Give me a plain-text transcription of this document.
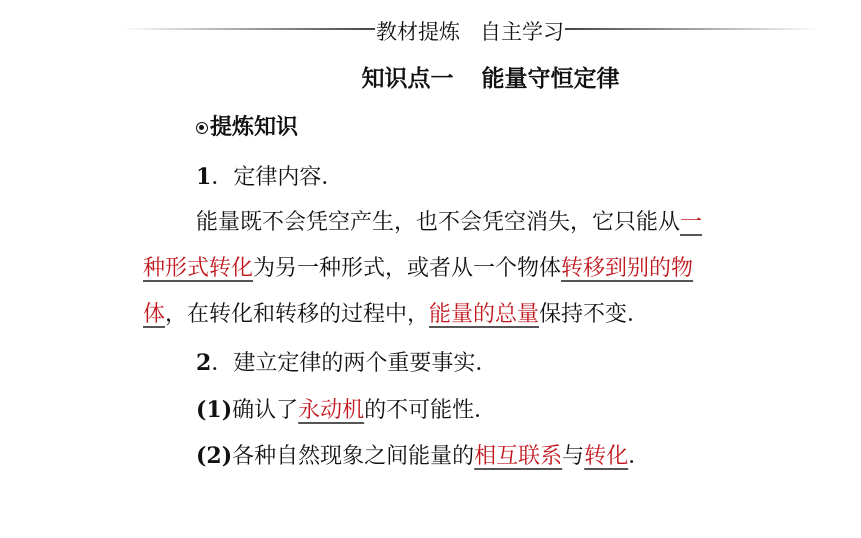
教材提炼 自主学习
知识点一 能量守恒定律
提炼知识
1．定律内容．
能量既不会凭空产生，也不会凭空消失，它只能从一
种形式转化为另一种形式，或者从一个物体转移到别的物
体，在转化和转移的过程中，能量的总量保持不变．
2．建立定律的两个重要事实．
(1)确认了永动机的不可能性．
(2)各种自然现象之间能量的相互联系与转化．
